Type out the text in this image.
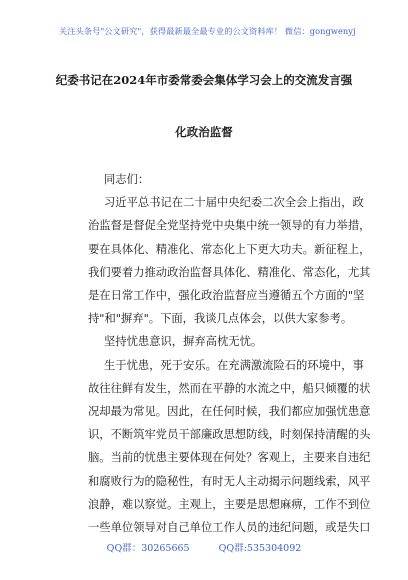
关注头条号"公文研究"，获得最新最全最专业的公文资料库！ 微信：gongwenyj
纪委书记在2024年市委常委会集体学习会上的交流发言强
化政治监督
同志们：
习近平总书记在二十届中央纪委二次全会上指出，政
治监督是督促全党坚持党中央集中统一领导的有力举措，
要在具体化、精准化、常态化上下更大功夫。新征程上，
我们要着力推动政治监督具体化、精准化、常态化，尤其
是在日常工作中，强化政治监督应当遵循五个方面的"坚
持"和"摒弃"。下面，我谈几点体会，以供大家参考。
坚持忧患意识，摒弃高枕无忧。
生于忧患，死于安乐。在充满激流险石的环境中，事
故往往鲜有发生，然而在平静的水流之中，船只倾覆的状
况却最为常见。因此，在任何时候，我们都应加强忧患意
识，不断筑牢党员干部廉政思想防线，时刻保持清醒的头
脑。当前的忧患主要体现在何处？客观上，主要来自违纪
和腐败行为的隐秘性，有时无人主动揭示问题线索，风平
浪静，难以察觉。主观上，主要是思想麻痹，工作不到位
一些单位领导对自己单位工作人员的违纪问题，或是失口
QQ群：30265665	QQ群:535304092
